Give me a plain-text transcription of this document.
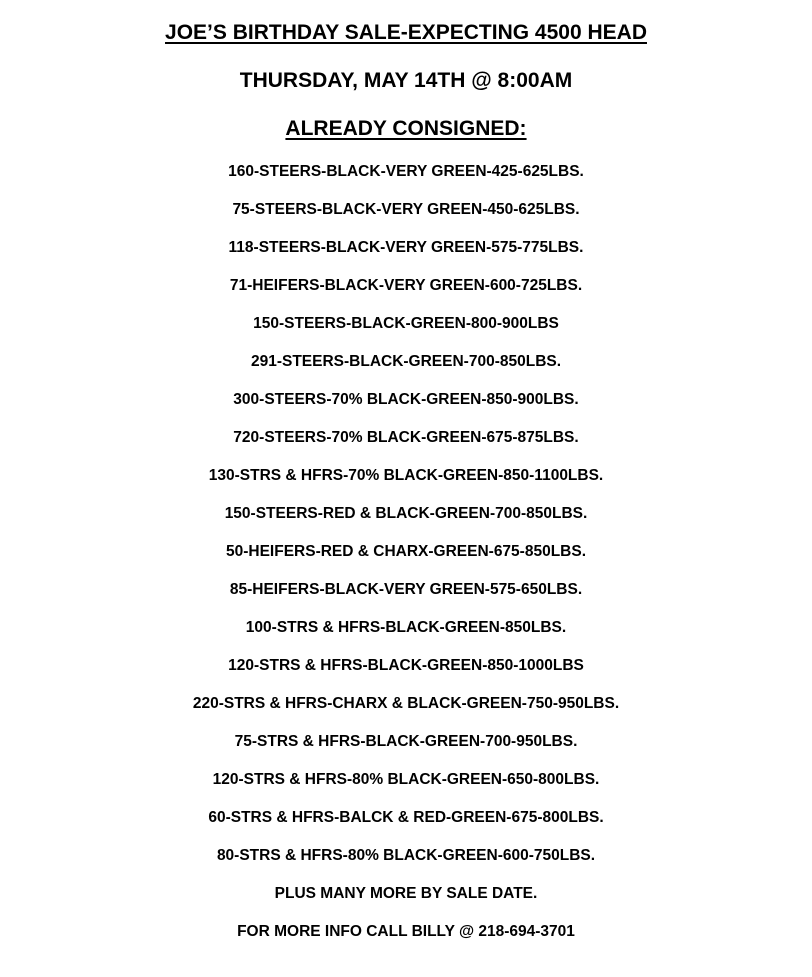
JOE’S BIRTHDAY SALE-EXPECTING 4500 HEAD
THURSDAY, MAY 14TH @ 8:00AM
ALREADY CONSIGNED:
160-STEERS-BLACK-VERY GREEN-425-625LBS.
75-STEERS-BLACK-VERY GREEN-450-625LBS.
118-STEERS-BLACK-VERY GREEN-575-775LBS.
71-HEIFERS-BLACK-VERY GREEN-600-725LBS.
150-STEERS-BLACK-GREEN-800-900LBS
291-STEERS-BLACK-GREEN-700-850LBS.
300-STEERS-70% BLACK-GREEN-850-900LBS.
720-STEERS-70% BLACK-GREEN-675-875LBS.
130-STRS & HFRS-70% BLACK-GREEN-850-1100LBS.
150-STEERS-RED & BLACK-GREEN-700-850LBS.
50-HEIFERS-RED & CHARX-GREEN-675-850LBS.
85-HEIFERS-BLACK-VERY GREEN-575-650LBS.
100-STRS & HFRS-BLACK-GREEN-850LBS.
120-STRS & HFRS-BLACK-GREEN-850-1000LBS
220-STRS & HFRS-CHARX & BLACK-GREEN-750-950LBS.
75-STRS & HFRS-BLACK-GREEN-700-950LBS.
120-STRS & HFRS-80% BLACK-GREEN-650-800LBS.
60-STRS & HFRS-BALCK & RED-GREEN-675-800LBS.
80-STRS & HFRS-80% BLACK-GREEN-600-750LBS.
PLUS MANY MORE BY SALE DATE.
FOR MORE INFO CALL BILLY @ 218-694-3701
